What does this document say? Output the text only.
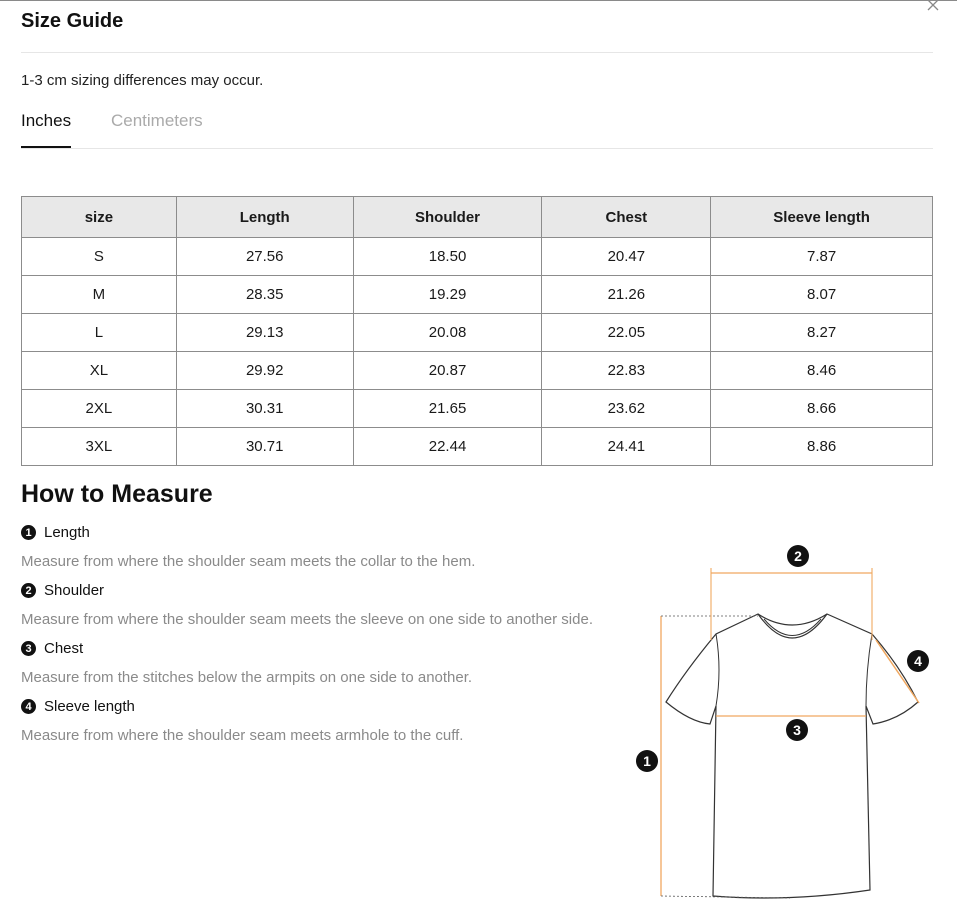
Size Guide
1-3 cm sizing differences may occur.
Inches Centimeters
size	Length	Shoulder	Chest	Sleeve length
S	27.56	18.50	20.47	7.87
M	28.35	19.29	21.26	8.07
L	29.13	20.08	22.05	8.27
XL	29.92	20.87	22.83	8.46
2XL	30.31	21.65	23.62	8.66
3XL	30.71	22.44	24.41	8.86
How to Measure
1 Length
Measure from where the shoulder seam meets the collar to the hem.
2 Shoulder
Measure from where the shoulder seam meets the sleeve on one side to another side.
3 Chest
Measure from the stitches below the armpits on one side to another.
4 Sleeve length
Measure from where the shoulder seam meets armhole to the cuff.
2
4
3
1
